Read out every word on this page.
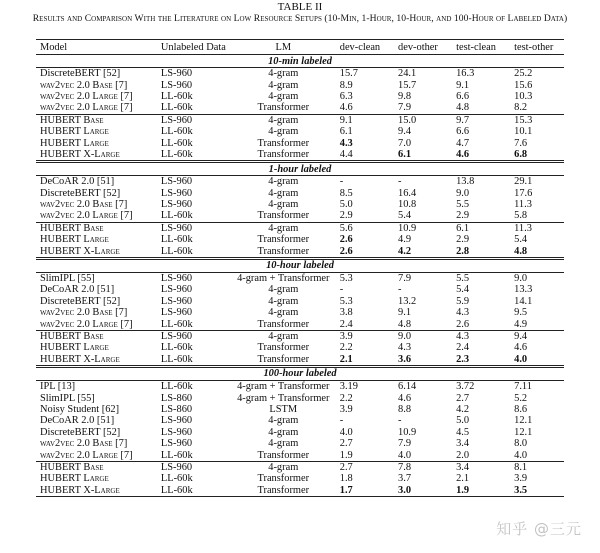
TABLE II
Results and Comparison With the Literature on Low Resource Setups (10-Min, 1-Hour, 10-Hour, and 100-Hour of Labeled Data)
Model	Unlabeled Data	LM	dev-clean	dev-other	test-clean	test-other
10-min labeled						
DiscreteBERT [52]	LS-960	4-gram	15.7	24.1	16.3	25.2
wav2vec 2.0 Base [7]	LS-960	4-gram	8.9	15.7	9.1	15.6
wav2vec 2.0 Large [7]	LL-60k	4-gram	6.3	9.8	6.6	10.3
wav2vec 2.0 Large [7]	LL-60k	Transformer	4.6	7.9	4.8	8.2
HUBERT Base	LS-960	4-gram	9.1	15.0	9.7	15.3
HUBERT Large	LL-60k	4-gram	6.1	9.4	6.6	10.1
HUBERT Large	LL-60k	Transformer	4.3	7.0	4.7	7.6
HUBERT X-Large	LL-60k	Transformer	4.4	6.1	4.6	6.8
1-hour labeled						
DeCoAR 2.0 [51]	LS-960	4-gram	-	-	13.8	29.1
DiscreteBERT [52]	LS-960	4-gram	8.5	16.4	9.0	17.6
wav2vec 2.0 Base [7]	LS-960	4-gram	5.0	10.8	5.5	11.3
wav2vec 2.0 Large [7]	LL-60k	Transformer	2.9	5.4	2.9	5.8
HUBERT Base	LS-960	4-gram	5.6	10.9	6.1	11.3
HUBERT Large	LL-60k	Transformer	2.6	4.9	2.9	5.4
HUBERT X-Large	LL-60k	Transformer	2.6	4.2	2.8	4.8
10-hour labeled						
SlimIPL [55]	LS-960	4-gram + Transformer	5.3	7.9	5.5	9.0
DeCoAR 2.0 [51]	LS-960	4-gram	-	-	5.4	13.3
DiscreteBERT [52]	LS-960	4-gram	5.3	13.2	5.9	14.1
wav2vec 2.0 Base [7]	LS-960	4-gram	3.8	9.1	4.3	9.5
wav2vec 2.0 Large [7]	LL-60k	Transformer	2.4	4.8	2.6	4.9
HUBERT Base	LS-960	4-gram	3.9	9.0	4.3	9.4
HUBERT Large	LL-60k	Transformer	2.2	4.3	2.4	4.6
HUBERT X-Large	LL-60k	Transformer	2.1	3.6	2.3	4.0
100-hour labeled						
IPL [13]	LL-60k	4-gram + Transformer	3.19	6.14	3.72	7.11
SlimIPL [55]	LS-860	4-gram + Transformer	2.2	4.6	2.7	5.2
Noisy Student [62]	LS-860	LSTM	3.9	8.8	4.2	8.6
DeCoAR 2.0 [51]	LS-960	4-gram	-	-	5.0	12.1
DiscreteBERT [52]	LS-960	4-gram	4.0	10.9	4.5	12.1
wav2vec 2.0 Base [7]	LS-960	4-gram	2.7	7.9	3.4	8.0
wav2vec 2.0 Large [7]	LL-60k	Transformer	1.9	4.0	2.0	4.0
HUBERT Base	LS-960	4-gram	2.7	7.8	3.4	8.1
HUBERT Large	LL-60k	Transformer	1.8	3.7	2.1	3.9
HUBERT X-Large	LL-60k	Transformer	1.7	3.0	1.9	3.5
知乎 @三元
